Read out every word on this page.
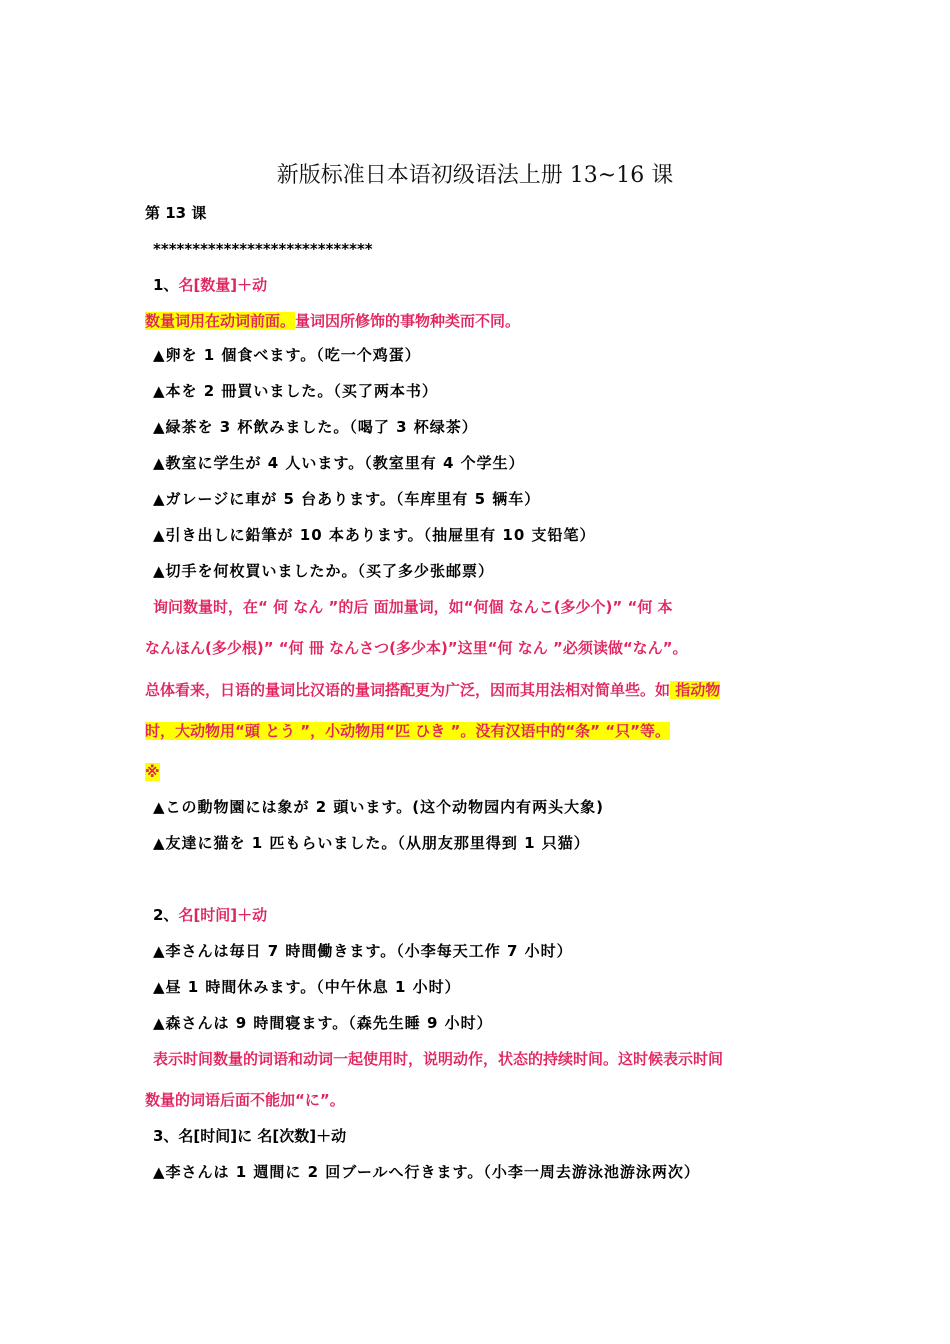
新版标准日本语初级语法上册 13~16 课
第 13 课
****************************
1、名[数量]＋动
数量词用在动词前面。量词因所修饰的事物种类而不同。
▲卵を 1 個食べます。（吃一个鸡蛋）
▲本を 2 冊買いました。（买了两本书）
▲緑茶を 3 杯飲みました。（喝了 3 杯绿茶）
▲教室に学生が 4 人います。（教室里有 4 个学生）
▲ガレージに車が 5 台あります。（车库里有 5 辆车）
▲引き出しに鉛筆が 10 本あります。（抽屉里有 10 支铅笔）
▲切手を何枚買いましたか。（买了多少张邮票）
询问数量时，在“ 何 なん ”的后 面加量词，如“何個 なんこ(多少个)” “何 本
なんほん(多少根)” “何 冊 なんさつ(多少本)”这里“何 なん ”必须读做“なん”。
总体看来，日语的量词比汉语的量词搭配更为广泛，因而其用法相对简单些。如 指动物
时，大动物用“頭 とう ”，小动物用“匹 ひき ”。没有汉语中的“条” “只”等。
※
▲この動物園には象が 2 頭います。(这个动物园内有两头大象)
▲友達に猫を 1 匹もらいました。（从朋友那里得到 1 只猫）
2、名[时间]＋动
▲李さんは毎日 7 時間働きます。（小李每天工作 7 小时）
▲昼 1 時間休みます。（中午休息 1 小时）
▲森さんは 9 時間寝ます。（森先生睡 9 小时）
表示时间数量的词语和动词一起使用时，说明动作，状态的持续时间。这时候表示时间
数量的词语后面不能加“に”。
3、名[时间]に 名[次数]＋动
▲李さんは 1 週間に 2 回ブールへ行きます。（小李一周去游泳池游泳两次）
